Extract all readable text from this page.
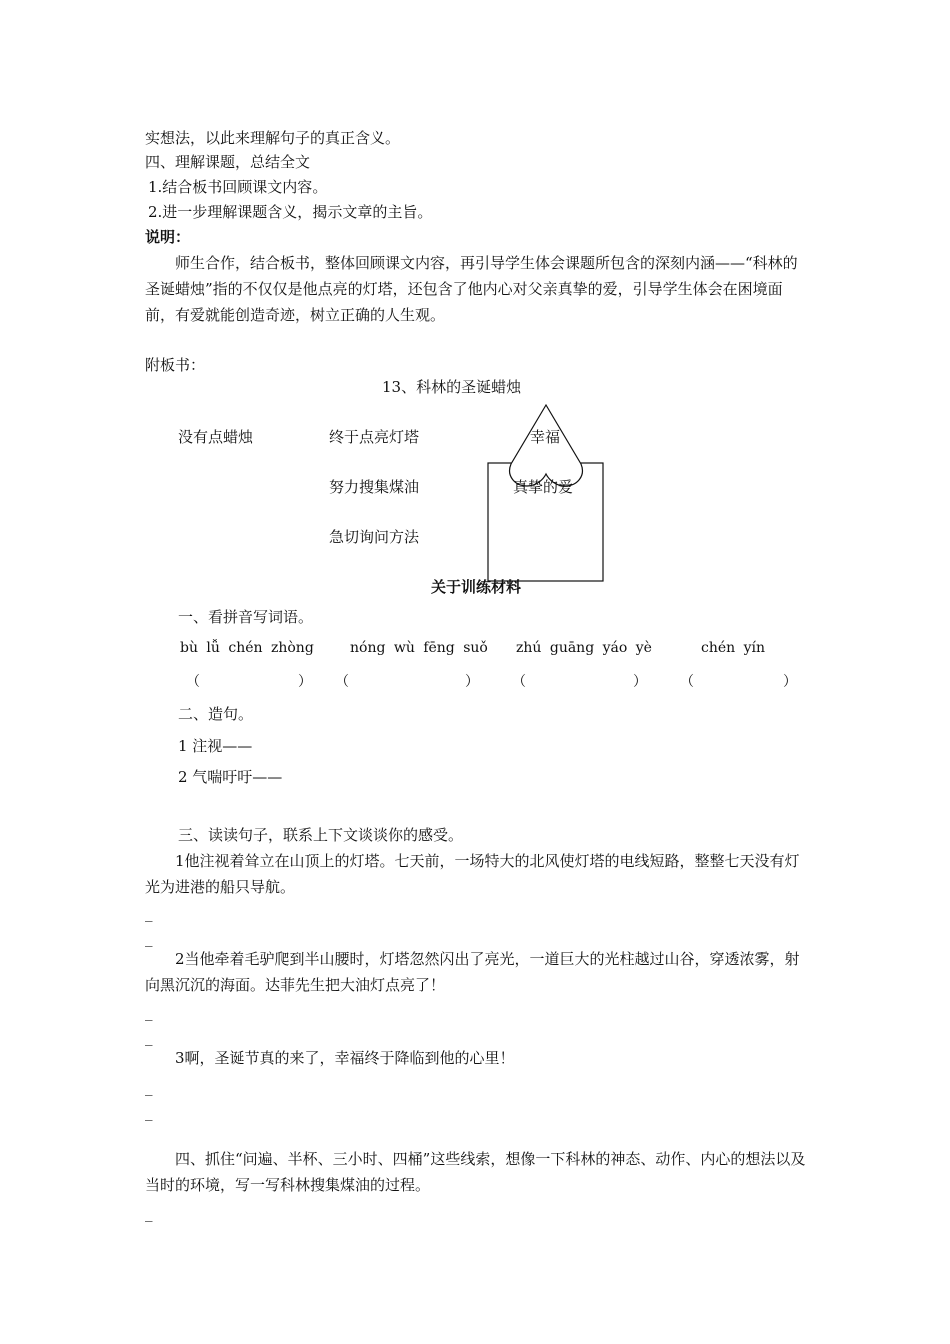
实想法，以此来理解句子的真正含义。
四、理解课题，总结全文
1.结合板书回顾课文内容。
2.进一步理解课题含义，揭示文章的主旨。
说明：
师生合作，结合板书，整体回顾课文内容，再引导学生体会课题所包含的深刻内涵——“科林的圣诞蜡烛”指的不仅仅是他点亮的灯塔，还包含了他内心对父亲真挚的爱，引导学生体会在困境面前，有爱就能创造奇迹，树立正确的人生观。
附板书：
13、科林的圣诞蜡烛
没有点蜡烛	终于点亮灯塔
努力搜集煤油
急切询问方法
幸福
真挚的爱
关于训练材料
一、看拼音写词语。
bù lǚ chén zhòng	nóng wù fēng suǒ zhú guāng yáo yè	chén yín
（	） （	） （	） （	）
二、造句。
1 注视——
2 气喘吁吁——
三、读读句子，联系上下文谈谈你的感受。
1他注视着耸立在山顶上的灯塔。七天前，一场特大的北风使灯塔的电线短路，整整七天没有灯光为进港的船只导航。
_
_
2当他牵着毛驴爬到半山腰时，灯塔忽然闪出了亮光，一道巨大的光柱越过山谷，穿透浓雾，射向黑沉沉的海面。达菲先生把大油灯点亮了！
_
_
3啊，圣诞节真的来了，幸福终于降临到他的心里！
_
_
四、抓住“问遍、半杯、三小时、四桶”这些线索，想像一下科林的神态、动作、内心的想法以及当时的环境，写一写科林搜集煤油的过程。
_
